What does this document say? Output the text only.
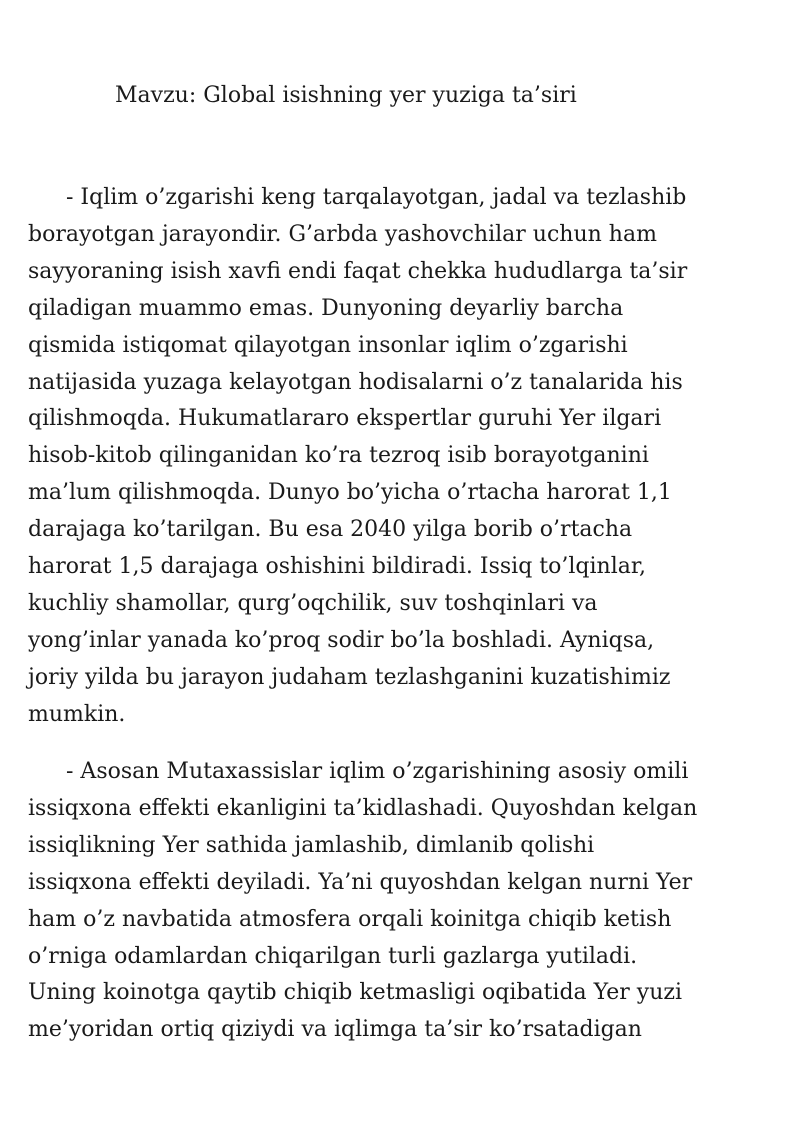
Mavzu: Global isishning yer yuziga ta’siri
- Iqlim o’zgarishi keng tarqalayotgan, jadal va tezlashib
borayotgan jarayondir. G’arbda yashovchilar uchun ham
sayyoraning isish xavfi endi faqat chekka hududlarga ta’sir
qiladigan muammo emas. Dunyoning deyarliy barcha
qismida istiqomat qilayotgan insonlar iqlim o’zgarishi
natijasida yuzaga kelayotgan hodisalarni o’z tanalarida his
qilishmoqda. Hukumatlararo ekspertlar guruhi Yer ilgari
hisob-kitob qilinganidan ko’ra tezroq isib borayotganini
ma’lum qilishmoqda. Dunyo bo’yicha o’rtacha harorat 1,1
darajaga ko’tarilgan. Bu esa 2040 yilga borib o’rtacha
harorat 1,5 darajaga oshishini bildiradi. Issiq to’lqinlar,
kuchliy shamollar, qurg’oqchilik, suv toshqinlari va
yong’inlar yanada ko’proq sodir bo’la boshladi. Ayniqsa,
joriy yilda bu jarayon judaham tezlashganini kuzatishimiz
mumkin.
- Asosan Mutaxassislar iqlim o’zgarishining asosiy omili
issiqxona effekti ekanligini ta’kidlashadi. Quyoshdan kelgan
issiqlikning Yer sathida jamlashib, dimlanib qolishi
issiqxona effekti deyiladi. Ya’ni quyoshdan kelgan nurni Yer
ham o’z navbatida atmosfera orqali koinitga chiqib ketish
o’rniga odamlardan chiqarilgan turli gazlarga yutiladi.
Uning koinotga qaytib chiqib ketmasligi oqibatida Yer yuzi
me’yoridan ortiq qiziydi va iqlimga ta’sir ko’rsatadigan
